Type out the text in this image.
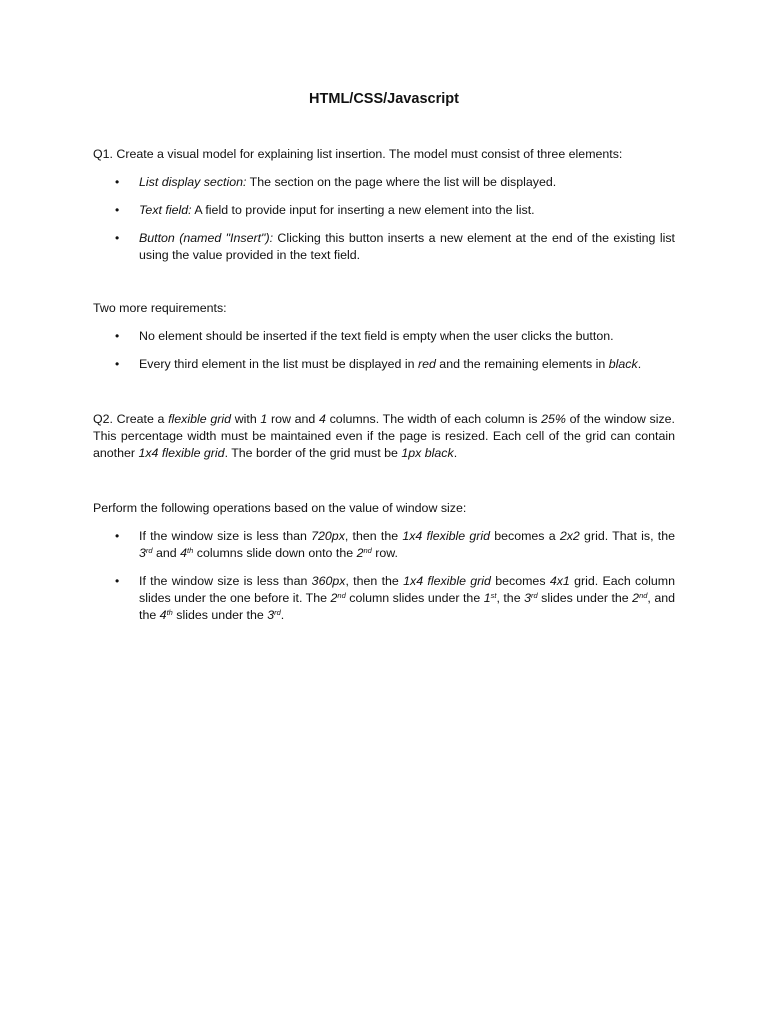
HTML/CSS/Javascript
Q1. Create a visual model for explaining list insertion. The model must consist of three elements:
• List display section: The section on the page where the list will be displayed.
• Text field: A field to provide input for inserting a new element into the list.
• Button (named "Insert"): Clicking this button inserts a new element at the end of the existing list using the value provided in the text field.
Two more requirements:
• No element should be inserted if the text field is empty when the user clicks the button.
• Every third element in the list must be displayed in red and the remaining elements in black.
Q2. Create a flexible grid with 1 row and 4 columns. The width of each column is 25% of the window size. This percentage width must be maintained even if the page is resized. Each cell of the grid can contain another 1x4 flexible grid. The border of the grid must be 1px black.
Perform the following operations based on the value of window size:
• If the window size is less than 720px, then the 1x4 flexible grid becomes a 2x2 grid. That is, the 3rd and 4th columns slide down onto the 2nd row.
• If the window size is less than 360px, then the 1x4 flexible grid becomes 4x1 grid. Each column slides under the one before it. The 2nd column slides under the 1st, the 3rd slides under the 2nd, and the 4th slides under the 3rd.
